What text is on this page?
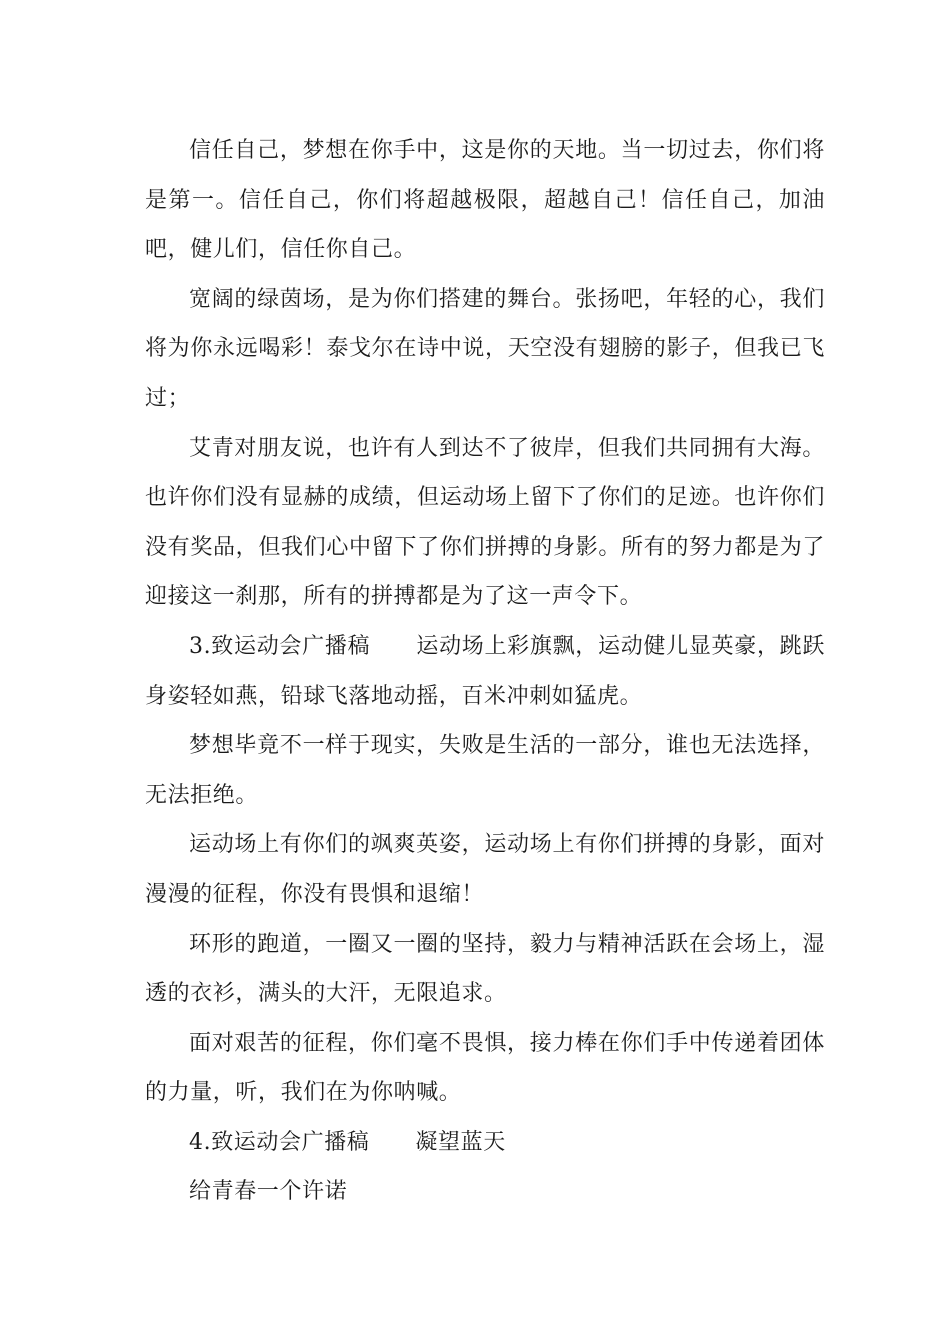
信任自己，梦想在你手中，这是你的天地。当一切过去，你们将是第一。信任自己，你们将超越极限，超越自己！信任自己，加油吧，健儿们，信任你自己。

宽阔的绿茵场，是为你们搭建的舞台。张扬吧，年轻的心，我们将为你永远喝彩！泰戈尔在诗中说，天空没有翅膀的影子，但我已飞过；

艾青对朋友说，也许有人到达不了彼岸，但我们共同拥有大海。也许你们没有显赫的成绩，但运动场上留下了你们的足迹。也许你们没有奖品，但我们心中留下了你们拼搏的身影。所有的努力都是为了迎接这一刹那，所有的拼搏都是为了这一声令下。

3.致运动会广播稿 运动场上彩旗飘，运动健儿显英豪，跳跃身姿轻如燕，铅球飞落地动摇，百米冲刺如猛虎。

梦想毕竟不一样于现实，失败是生活的一部分，谁也无法选择，无法拒绝。

运动场上有你们的飒爽英姿，运动场上有你们拼搏的身影，面对漫漫的征程，你没有畏惧和退缩！

环形的跑道，一圈又一圈的坚持，毅力与精神活跃在会场上，湿透的衣衫，满头的大汗，无限追求。

面对艰苦的征程，你们毫不畏惧，接力棒在你们手中传递着团体的力量，听，我们在为你呐喊。

4.致运动会广播稿 凝望蓝天

给青春一个许诺
